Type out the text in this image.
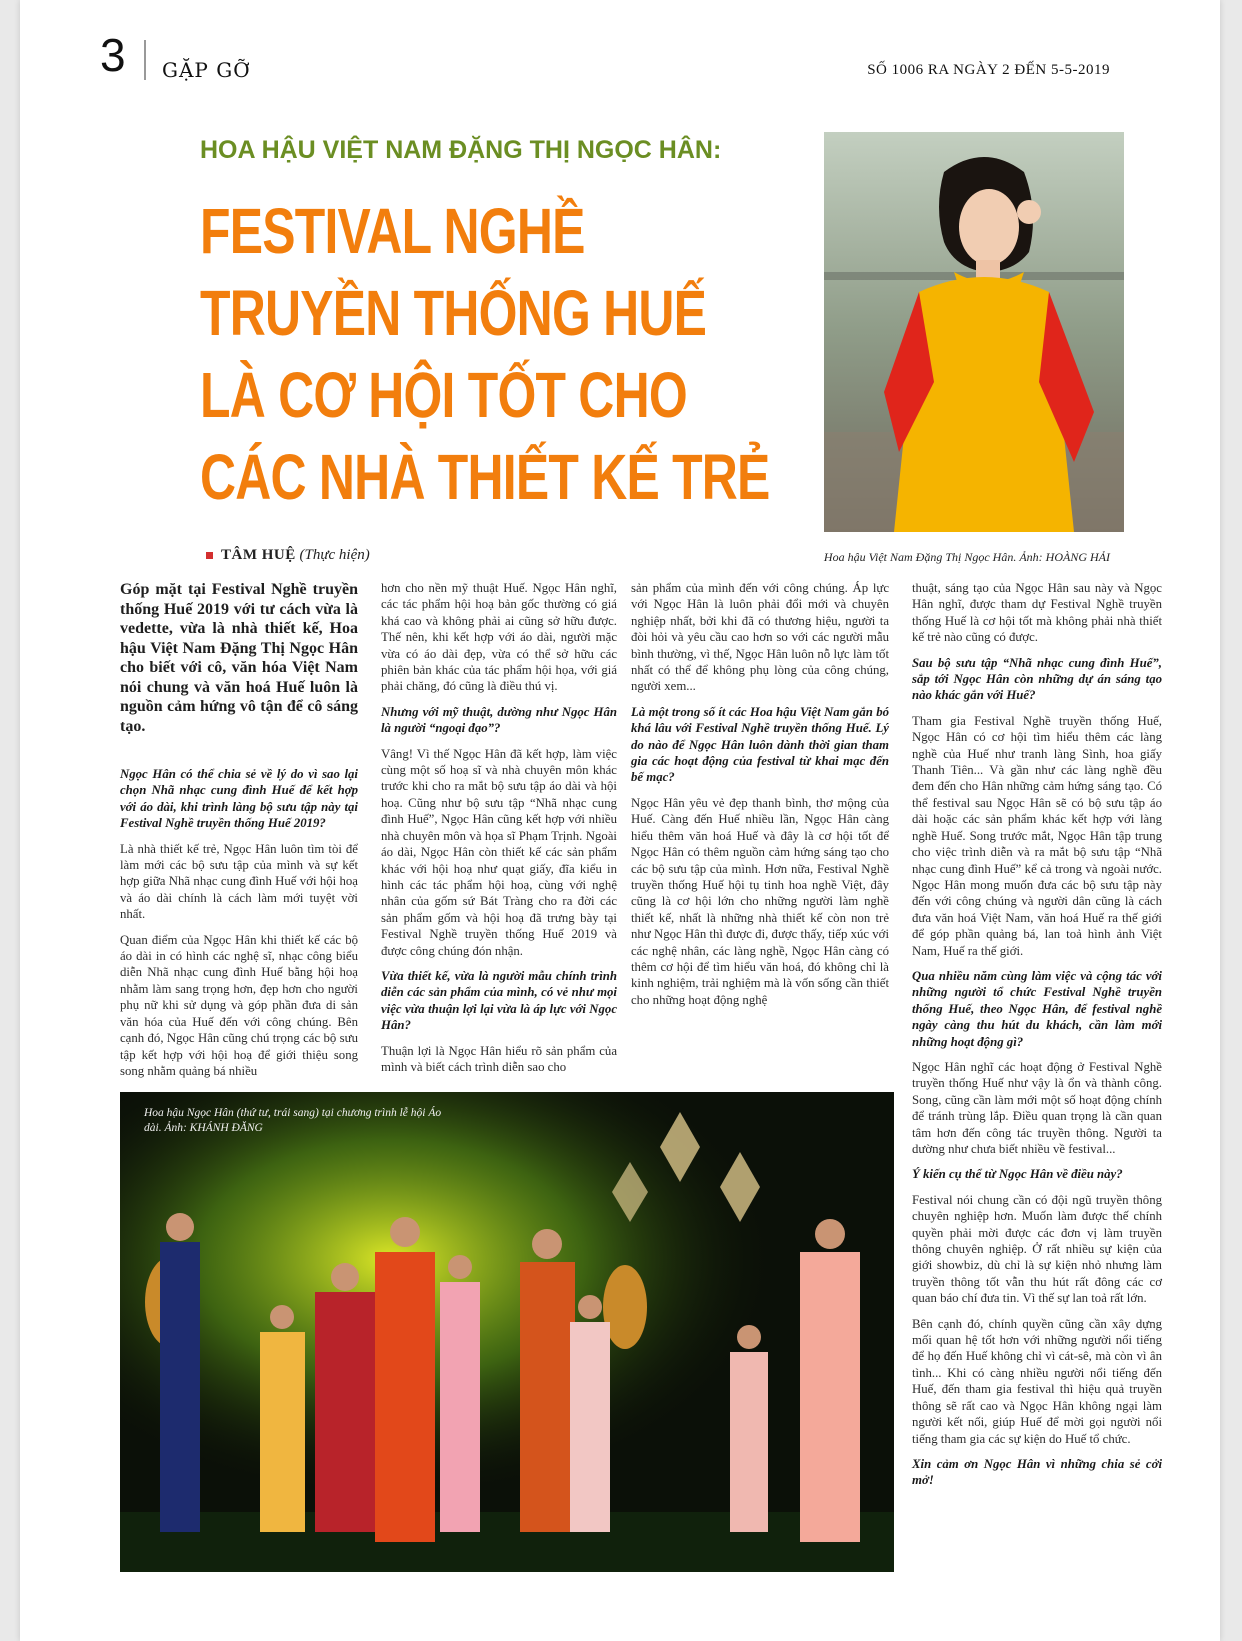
3 GẶP GỠ	SỐ 1006 RA NGÀY 2 ĐẾN 5-5-2019
HOA HẬU VIỆT NAM ĐẶNG THỊ NGỌC HÂN:
FESTIVAL NGHỀ
TRUYỀN THỐNG HUẾ
LÀ CƠ HỘI TỐT CHO
CÁC NHÀ THIẾT KẾ TRẺ
TÂM HUỆ (Thực hiện)	Hoa hậu Việt Nam Đặng Thị Ngọc Hân. Ảnh: HOÀNG HẢI

Góp mặt tại Festival Nghề truyền thống Huế 2019 với tư cách vừa là vedette, vừa là nhà thiết kế, Hoa hậu Việt Nam Đặng Thị Ngọc Hân cho biết với cô, văn hóa Việt Nam nói chung và văn hoá Huế luôn là nguồn cảm hứng vô tận để cô sáng tạo.

Ngọc Hân có thể chia sẻ về lý do vì sao lại chọn Nhã nhạc cung đình Huế để kết hợp với áo dài, khi trình làng bộ sưu tập này tại Festival Nghề truyền thống Huế 2019?

Là nhà thiết kế trẻ, Ngọc Hân luôn tìm tòi để làm mới các bộ sưu tập của mình và sự kết hợp giữa Nhã nhạc cung đình Huế với hội hoạ và áo dài chính là cách làm mới tuyệt vời nhất.

Quan điểm của Ngọc Hân khi thiết kế các bộ áo dài in có hình các nghệ sĩ, nhạc công biểu diễn Nhã nhạc cung đình Huế bằng hội hoạ nhằm làm sang trọng hơn, đẹp hơn cho người phụ nữ khi sử dụng và góp phần đưa di sản văn hóa của Huế đến với công chúng. Bên cạnh đó, Ngọc Hân cũng chú trọng các bộ sưu tập kết hợp với hội hoạ để giới thiệu song song nhằm quảng bá nhiều

hơn cho nền mỹ thuật Huế. Ngọc Hân nghĩ, các tác phẩm hội hoạ bản gốc thường có giá khá cao và không phải ai cũng sở hữu được. Thế nên, khi kết hợp với áo dài, người mặc vừa có áo dài đẹp, vừa có thể sở hữu các phiên bản khác của tác phẩm hội họa, với giá phải chăng, đó cũng là điều thú vị.

Nhưng với mỹ thuật, dường như Ngọc Hân là người “ngoại đạo”?

Vâng! Vì thế Ngọc Hân đã kết hợp, làm việc cùng một số hoạ sĩ và nhà chuyên môn khác trước khi cho ra mắt bộ sưu tập áo dài và hội hoạ. Cũng như bộ sưu tập “Nhã nhạc cung đình Huế”, Ngọc Hân cũng kết hợp với nhiều nhà chuyên môn và họa sĩ Phạm Trịnh. Ngoài áo dài, Ngọc Hân còn thiết kế các sản phẩm khác với hội hoạ như quạt giấy, đĩa kiểu in hình các tác phẩm hội hoạ, cùng với nghệ nhân của gốm sứ Bát Tràng cho ra đời các sản phẩm gốm và hội hoạ đã trưng bày tại Festival Nghề truyền thống Huế 2019 và được công chúng đón nhận.

Vừa thiết kế, vừa là người mẫu chính trình diễn các sản phẩm của mình, có vẻ như mọi việc vừa thuận lợi lại vừa là áp lực với Ngọc Hân?

Thuận lợi là Ngọc Hân hiểu rõ sản phẩm của mình và biết cách trình diễn sao cho

sản phẩm của mình đến với công chúng. Áp lực với Ngọc Hân là luôn phải đổi mới và chuyên nghiệp nhất, bởi khi đã có thương hiệu, người ta đòi hỏi và yêu cầu cao hơn so với các người mẫu bình thường, vì thế, Ngọc Hân luôn nỗ lực làm tốt nhất có thể để không phụ lòng của công chúng, người xem...

Là một trong số ít các Hoa hậu Việt Nam gắn bó khá lâu với Festival Nghề truyền thống Huế. Lý do nào để Ngọc Hân luôn dành thời gian tham gia các hoạt động của festival từ khai mạc đến bế mạc?

Ngọc Hân yêu vẻ đẹp thanh bình, thơ mộng của Huế. Càng đến Huế nhiều lần, Ngọc Hân càng hiểu thêm văn hoá Huế và đây là cơ hội tốt để Ngọc Hân có thêm nguồn cảm hứng sáng tạo cho các bộ sưu tập của mình. Hơn nữa, Festival Nghề truyền thống Huế hội tụ tinh hoa nghề Việt, đây cũng là cơ hội lớn cho những người làm nghề thiết kế, nhất là những nhà thiết kế còn non trẻ như Ngọc Hân thì được đi, được thấy, tiếp xúc với các nghệ nhân, các làng nghề, Ngọc Hân càng có thêm cơ hội để tìm hiểu văn hoá, đó không chỉ là kinh nghiệm, trải nghiệm mà là vốn sống cần thiết cho những hoạt động nghệ

thuật, sáng tạo của Ngọc Hân sau này và Ngọc Hân nghĩ, được tham dự Festival Nghề truyền thống Huế là cơ hội tốt mà không phải nhà thiết kế trẻ nào cũng có được.

Sau bộ sưu tập “Nhã nhạc cung đình Huế”, sắp tới Ngọc Hân còn những dự án sáng tạo nào khác gắn với Huế?

Tham gia Festival Nghề truyền thống Huế, Ngọc Hân có cơ hội tìm hiểu thêm các làng nghề của Huế như tranh làng Sình, hoa giấy Thanh Tiên... Và gần như các làng nghề đều đem đến cho Hân những cảm hứng sáng tạo. Có thể festival sau Ngọc Hân sẽ có bộ sưu tập áo dài hoặc các sản phẩm khác kết hợp với làng nghề Huế. Song trước mắt, Ngọc Hân tập trung cho việc trình diễn và ra mắt bộ sưu tập “Nhã nhạc cung đình Huế” kể cả trong và ngoài nước. Ngọc Hân mong muốn đưa các bộ sưu tập này đến với công chúng và người dân cũng là cách đưa văn hoá Việt Nam, văn hoá Huế ra thế giới để góp phần quảng bá, lan toả hình ảnh Việt Nam, Huế ra thế giới.

Qua nhiều năm cùng làm việc và cộng tác với những người tổ chức Festival Nghề truyền thống Huế, theo Ngọc Hân, để festival nghề ngày càng thu hút du khách, cần làm mới những hoạt động gì?

Ngọc Hân nghĩ các hoạt động ở Festival Nghề truyền thống Huế như vậy là ổn và thành công. Song, cũng cần làm mới một số hoạt động chính để tránh trùng lắp. Điều quan trọng là cần quan tâm hơn đến công tác truyền thông. Người ta dường như chưa biết nhiều về festival...

Ý kiến cụ thể từ Ngọc Hân về điều này?

Festival nói chung cần có đội ngũ truyền thông chuyên nghiệp hơn. Muốn làm được thế chính quyền phải mời được các đơn vị làm truyền thông chuyên nghiệp. Ở rất nhiều sự kiện của giới showbiz, dù chỉ là sự kiện nhỏ nhưng làm truyền thông tốt vẫn thu hút rất đông các cơ quan báo chí đưa tin. Vì thế sự lan toả rất lớn.

Bên cạnh đó, chính quyền cũng cần xây dựng mối quan hệ tốt hơn với những người nổi tiếng để họ đến Huế không chỉ vì cát-sê, mà còn vì ân tình... Khi có càng nhiều người nổi tiếng đến Huế, đến tham gia festival thì hiệu quả truyền thông sẽ rất cao và Ngọc Hân không ngại làm người kết nối, giúp Huế để mời gọi người nổi tiếng tham gia các sự kiện do Huế tổ chức.

Xin cảm ơn Ngọc Hân vì những chia sẻ cởi mở!

Hoa hậu Ngọc Hân (thứ tư, trái sang) tại chương trình lễ hội Áo dài. Ảnh: KHÁNH ĐĂNG
